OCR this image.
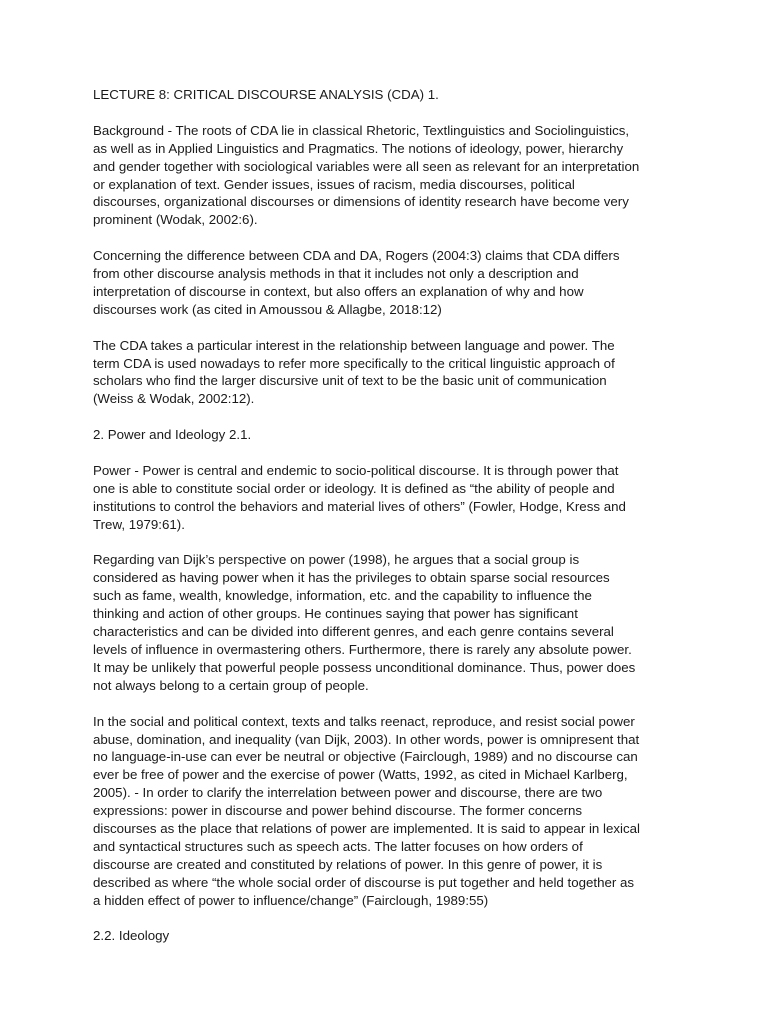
LECTURE 8: CRITICAL DISCOURSE ANALYSIS (CDA) 1.

Background - The roots of CDA lie in classical Rhetoric, Textlinguistics and Sociolinguistics,
as well as in Applied Linguistics and Pragmatics. The notions of ideology, power, hierarchy
and gender together with sociological variables were all seen as relevant for an interpretation
or explanation of text. Gender issues, issues of racism, media discourses, political
discourses, organizational discourses or dimensions of identity research have become very
prominent (Wodak, 2002:6).

Concerning the difference between CDA and DA, Rogers (2004:3) claims that CDA differs
from other discourse analysis methods in that it includes not only a description and
interpretation of discourse in context, but also offers an explanation of why and how
discourses work (as cited in Amoussou & Allagbe, 2018:12)

The CDA takes a particular interest in the relationship between language and power. The
term CDA is used nowadays to refer more specifically to the critical linguistic approach of
scholars who find the larger discursive unit of text to be the basic unit of communication
(Weiss & Wodak, 2002:12).

2. Power and Ideology 2.1.

Power - Power is central and endemic to socio-political discourse. It is through power that
one is able to constitute social order or ideology. It is defined as “the ability of people and
institutions to control the behaviors and material lives of others” (Fowler, Hodge, Kress and
Trew, 1979:61).

Regarding van Dijk’s perspective on power (1998), he argues that a social group is
considered as having power when it has the privileges to obtain sparse social resources
such as fame, wealth, knowledge, information, etc. and the capability to influence the
thinking and action of other groups. He continues saying that power has significant
characteristics and can be divided into different genres, and each genre contains several
levels of influence in overmastering others. Furthermore, there is rarely any absolute power.
It may be unlikely that powerful people possess unconditional dominance. Thus, power does
not always belong to a certain group of people.

In the social and political context, texts and talks reenact, reproduce, and resist social power
abuse, domination, and inequality (van Dijk, 2003). In other words, power is omnipresent that
no language-in-use can ever be neutral or objective (Fairclough, 1989) and no discourse can
ever be free of power and the exercise of power (Watts, 1992, as cited in Michael Karlberg,
2005). - In order to clarify the interrelation between power and discourse, there are two
expressions: power in discourse and power behind discourse. The former concerns
discourses as the place that relations of power are implemented. It is said to appear in lexical
and syntactical structures such as speech acts. The latter focuses on how orders of
discourse are created and constituted by relations of power. In this genre of power, it is
described as where “the whole social order of discourse is put together and held together as
a hidden effect of power to influence/change” (Fairclough, 1989:55)

2.2. Ideology
